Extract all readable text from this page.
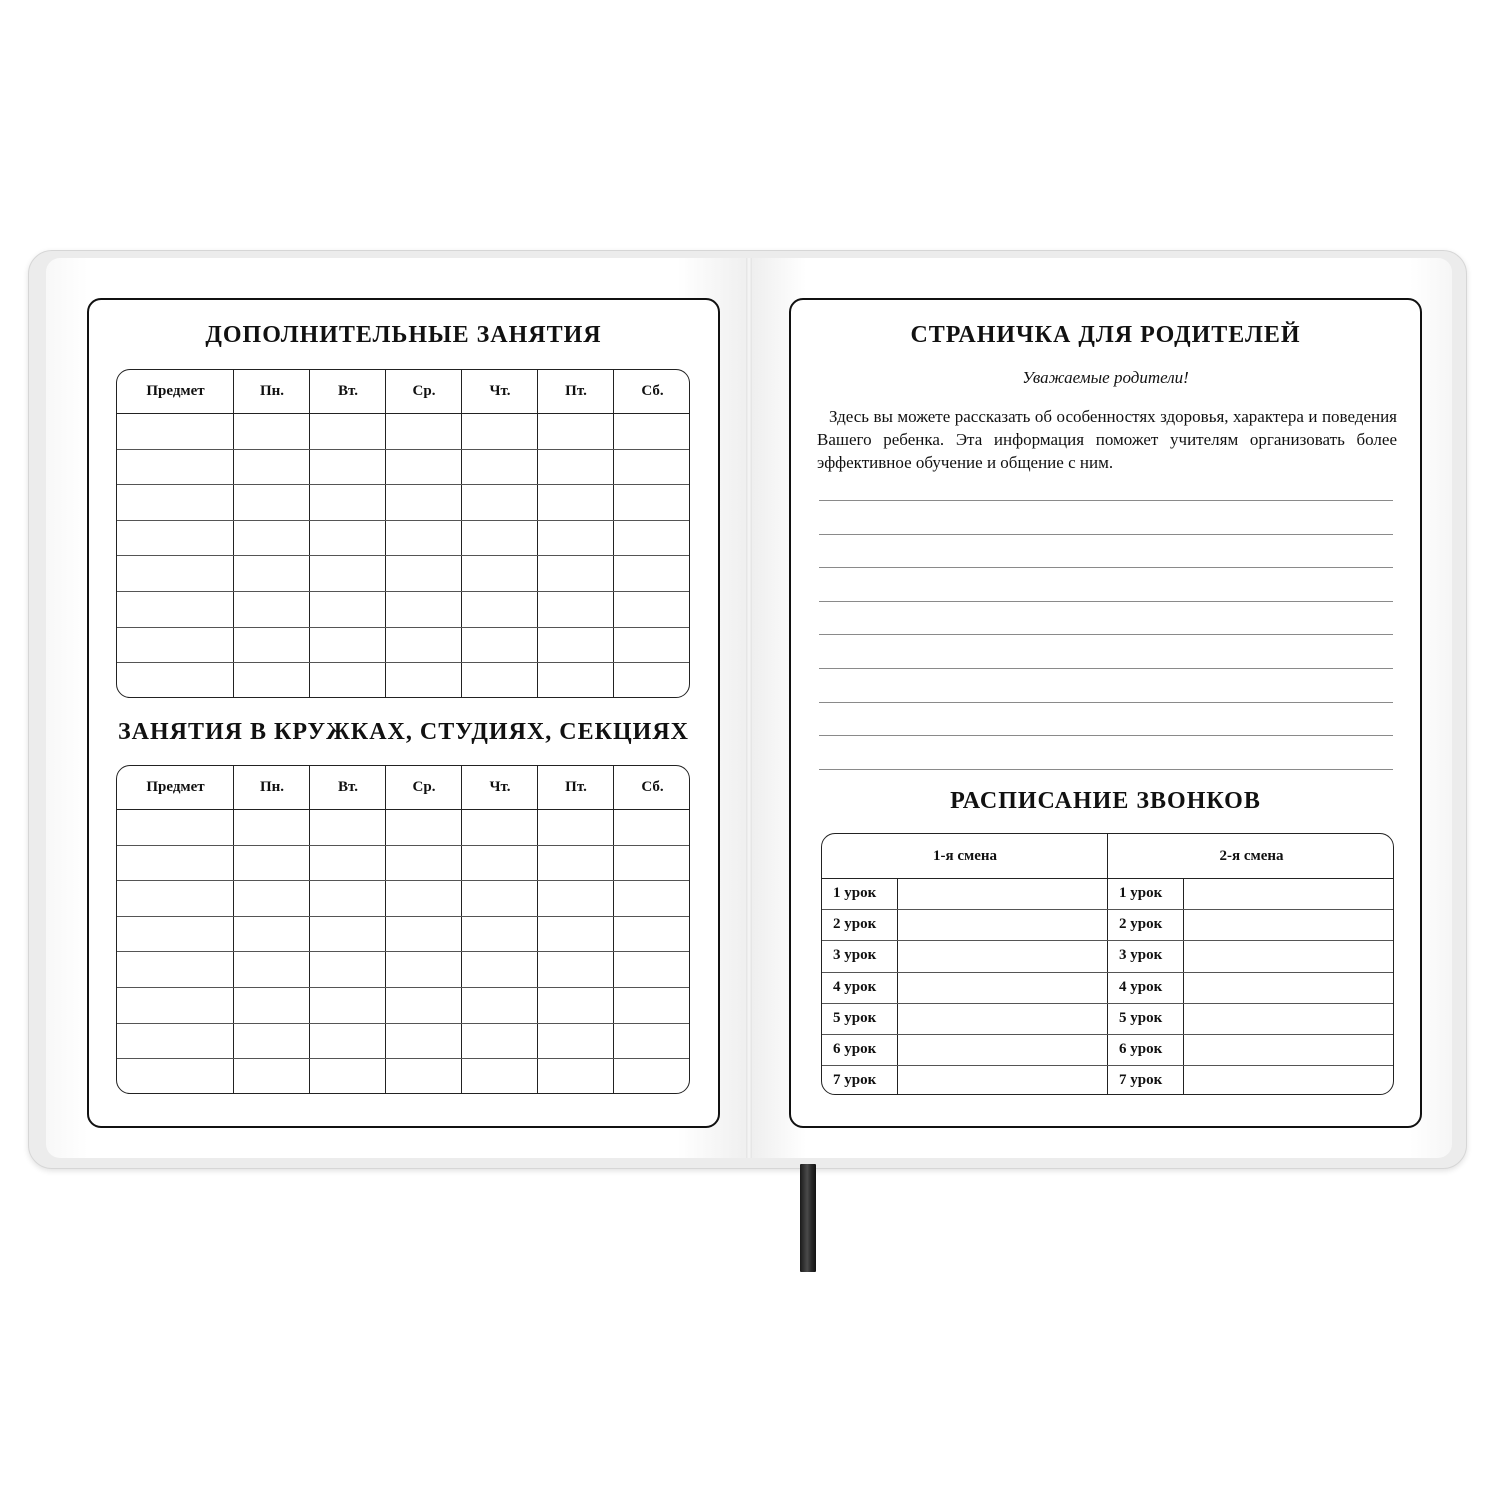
ДОПОЛНИТЕЛЬНЫЕ ЗАНЯТИЯ
Предмет	Пн.	Вт.	Ср.	Чт.	Пт.	Сб.
ЗАНЯТИЯ В КРУЖКАХ, СТУДИЯХ, СЕКЦИЯХ
Предмет	Пн.	Вт.	Ср.	Чт.	Пт.	Сб.
СТРАНИЧКА ДЛЯ РОДИТЕЛЕЙ
Уважаемые родители!
Здесь вы можете рассказать об особенностях здоровья, характера и поведения Вашего ребенка. Эта информация поможет учителям организовать более эффективное обучение и общение с ним.
РАСПИСАНИЕ ЗВОНКОВ
1-я смена	2-я смена
1 урок	1 урок
2 урок	2 урок
3 урок	3 урок
4 урок	4 урок
5 урок	5 урок
6 урок	6 урок
7 урок	7 урок
